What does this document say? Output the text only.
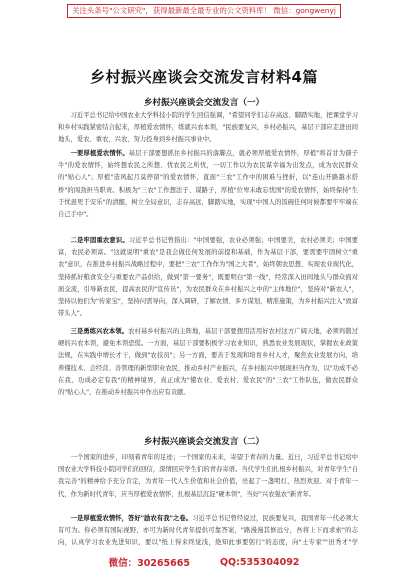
关注头条号"公文研究"，获得最新最全最专业的公文资料库！ 微信：gongwenyj
乡村振兴座谈会交流发言材料4篇
乡村振兴座谈会交流发言（一）

习近平总书记给中国农业大学科技小院的学生回信强调，"希望同学们志存高远、脚踏实地，把课堂学习和乡村实践紧密结合起来，厚植爱农情怀，练就兴农本领，"民族要复兴，乡村必振兴，基层干部应走进田间地头，爱农、重农、兴农，努力投身到乡村振兴事业中。

一要厚植爱农情怀。基层干部要想抓住乡村振兴的落脚点，就必须厚植爱农情怀，厚植"将首甘为孺子牛"的爱农情怀，始终想农民之所想、忧农民之所忧，一切工作以为农民谋幸福为出发点，成为农民群众的"贴心人"；厚植"造风起月莫停留"的爱农情怀，直面"三农"工作中的困难与挫折，以"连山开路越水搭桥"的闯劲担当职责。积极为"三农"工作想法子、谋路子，厚植"位卑未敢忘忧国"的爱农情怀，始终保持"生于忧患死于安乐"的清醒，树立全局意识，志存高远，脚踏实地，实现"中国人的饭碗任何时候都要牢牢端在自己手中"。

二是牢固重农意识。习近平总书记曾指出："中国要强，农业必须强；中国要美，农村必须美；中国要富，农民必须富。"这就说明"重农"是我会做任何发展的前提和基础，作为基层干部，要需要牢固树立"重农"意识，在推进乡村振兴战略过程中，要把"三农"工作作为"国之大者"，始终朝农思想、实现农业现代化，坚持抓好粮食安全与重要农产品供给，做到"第一要务"，既要明白"第一线"，经常深入田间地头与群众面对面交流，引导新农民，提高农民的"宣传员"，为农民群众在乡村振兴之中的"主体地位"，坚持对"新农人"，坚持以他们为"传家宝"，坚持问需导向，深入调研，了解农情、多方谋划，精准施策，为乡村振兴注入"致富带头人"。

三是勇练兴农本领。农村基乡村振兴的主阵地，基层干部要想用活用好农村这方广阔天地，必须鸡锻过硬的兴农本领，避免本领恐慌。一方面，基层干部要积极学习农业知识，熟悉农业发展现状，掌握农业政策法规，在实践中增长才干，做到"农技员"；另一方面，要善于发现和培育乡村人才，聚焦农业发展方向，培养懂技术、会经营、善管理的新型职业农民，推动乡村产业振兴，在乡村振兴中展现担当作为，以"功成不必在我、功成必定有我"的精神境界，真正成为"懂农业、爱农村、爱农民"的"三农"工作队伍，做农民群众的"贴心人"，在推动乡村振兴中作出应有贡献。

乡村振兴座谈会交流发言（二）

一个国家的进步，印刻着青年的足迹；一个国家的未来，寄望于青春的力量。近日，习近平总书记给中国农业大学科技小院同学们的回信，深情回应学生们的青春寄语。当代学生们扎根乡村振兴，对青年学生"自我完善"的精神给予充分肯定，为青年一代人生价值和社会价值，亮起了一盏明灯，热烈欢迎。对于青年一代，作为新时代青年，应当厚植爱农情怀，扎根基层沉淀"硬本领"，当好"兴农强农"新青年。

一是厚植爱农情怀，答好"励农有我"之卷。习近平总书记曾经说过，民族要复兴，我国青年一代必须大有可为。你必须有国际视野，亦可为新时代青年提供可靠答案，"路漫漫其修远兮，吾将上下而求索"的志向，认真学习农业先进知识，要以"纸上得来终觉浅，绝知此事要躬行"的态度，向"土专家""田秀才"学

微信：30265665	QQ:535304092
